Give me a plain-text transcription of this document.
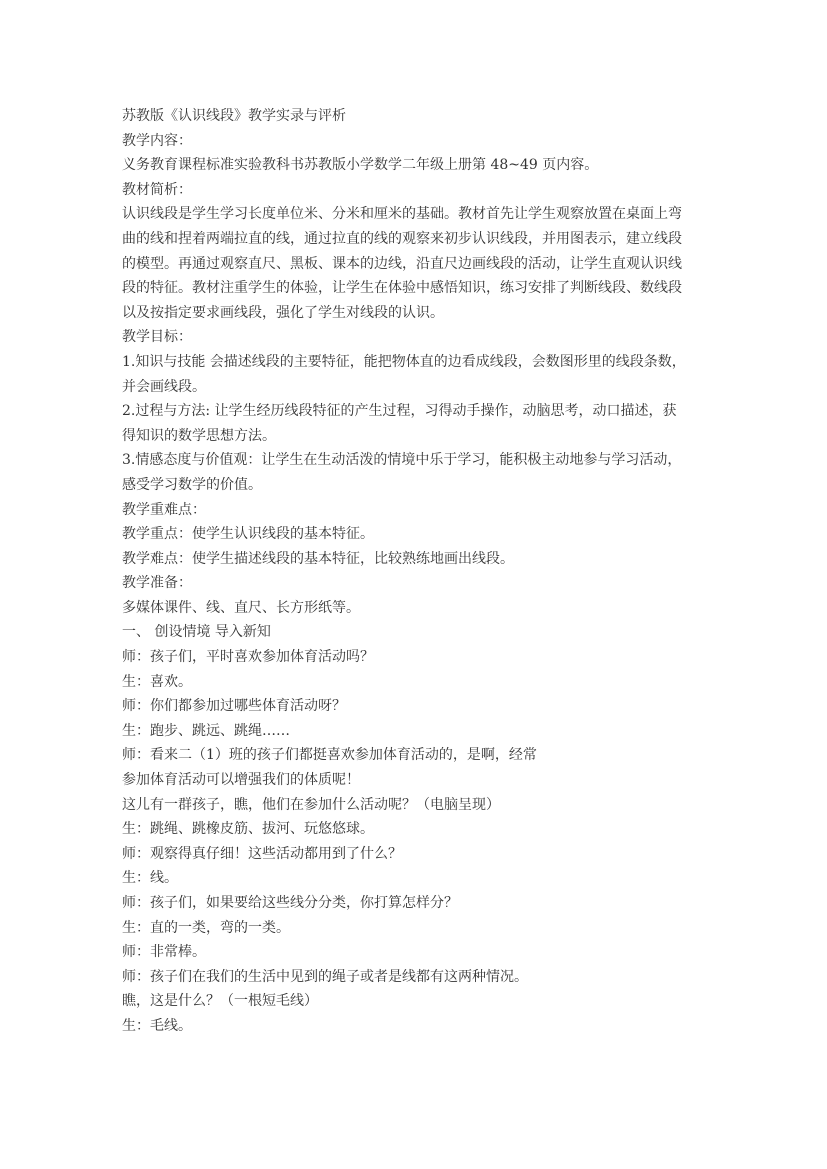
苏教版《认识线段》教学实录与评析
教学内容：
义务教育课程标准实验教科书苏教版小学数学二年级上册第 48~49 页内容。
教材简析：
认识线段是学生学习长度单位米、分米和厘米的基础。教材首先让学生观察放置在桌面上弯
曲的线和捏着两端拉直的线，通过拉直的线的观察来初步认识线段，并用图表示，建立线段
的模型。再通过观察直尺、黑板、课本的边线，沿直尺边画线段的活动，让学生直观认识线
段的特征。教材注重学生的体验，让学生在体验中感悟知识，练习安排了判断线段、数线段
以及按指定要求画线段，强化了学生对线段的认识。
教学目标：
1.知识与技能 会描述线段的主要特征，能把物体直的边看成线段，会数图形里的线段条数，
并会画线段。
2.过程与方法: 让学生经历线段特征的产生过程，习得动手操作，动脑思考，动口描述，获
得知识的数学思想方法。
3.情感态度与价值观：让学生在生动活泼的情境中乐于学习，能积极主动地参与学习活动，
感受学习数学的价值。
教学重难点：
教学重点：使学生认识线段的基本特征。
教学难点：使学生描述线段的基本特征，比较熟练地画出线段。
教学准备：
多媒体课件、线、直尺、长方形纸等。
一、 创设情境 导入新知
师：孩子们，平时喜欢参加体育活动吗？
生：喜欢。
师：你们都参加过哪些体育活动呀？
生：跑步、跳远、跳绳……
师：看来二（1）班的孩子们都挺喜欢参加体育活动的，是啊，经常
参加体育活动可以增强我们的体质呢！
这儿有一群孩子，瞧，他们在参加什么活动呢？（电脑呈现）
生：跳绳、跳橡皮筋、拔河、玩悠悠球。
师：观察得真仔细！这些活动都用到了什么？
生：线。
师：孩子们，如果要给这些线分分类，你打算怎样分？
生：直的一类，弯的一类。
师：非常棒。
师：孩子们在我们的生活中见到的绳子或者是线都有这两种情况。
瞧，这是什么？（一根短毛线）
生：毛线。
